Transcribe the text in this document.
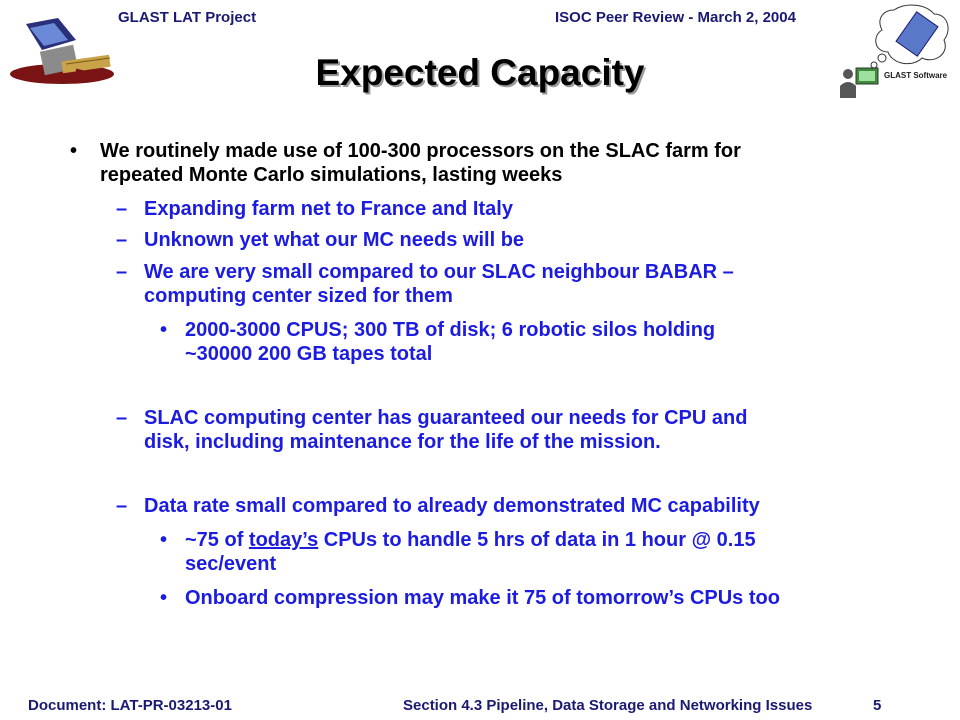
GLAST LAT Project	ISOC Peer Review - March 2, 2004
GLAST Software
Expected Capacity
• We routinely made use of 100-300 processors on the SLAC farm for
repeated Monte Carlo simulations, lasting weeks
– Expanding farm net to France and Italy
– Unknown yet what our MC needs will be
– We are very small compared to our SLAC neighbour BABAR –
computing center sized for them
• 2000-3000 CPUS; 300 TB of disk; 6 robotic silos holding
~30000 200 GB tapes total
– SLAC computing center has guaranteed our needs for CPU and
disk, including maintenance for the life of the mission.
– Data rate small compared to already demonstrated MC capability
• ~75 of today’s CPUs to handle 5 hrs of data in 1 hour @ 0.15
sec/event
• Onboard compression may make it 75 of tomorrow’s CPUs too
Document: LAT-PR-03213-01	Section 4.3 Pipeline, Data Storage and Networking Issues	5
